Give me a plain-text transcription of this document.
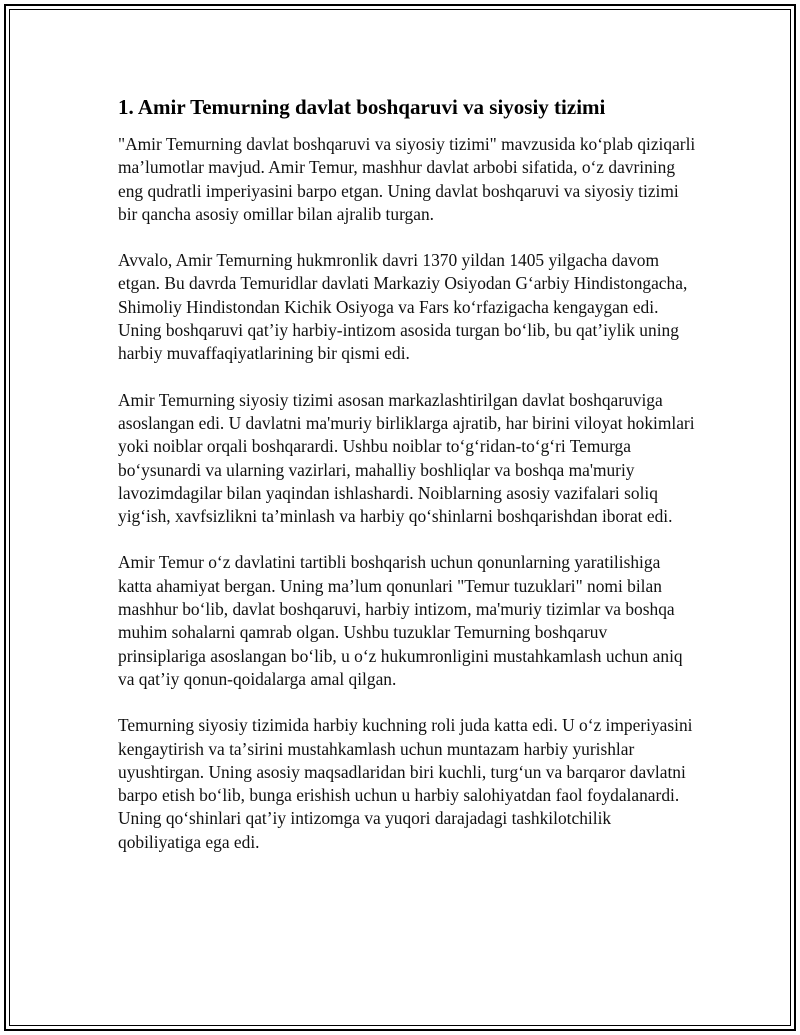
1. Amir Temurning davlat boshqaruvi va siyosiy tizimi

"Amir Temurning davlat boshqaruvi va siyosiy tizimi" mavzusida koʻplab qiziqarli maʼlumotlar mavjud. Amir Temur, mashhur davlat arbobi sifatida, oʻz davrining eng qudratli imperiyasini barpo etgan. Uning davlat boshqaruvi va siyosiy tizimi bir qancha asosiy omillar bilan ajralib turgan.

Avvalo, Amir Temurning hukmronlik davri 1370 yildan 1405 yilgacha davom etgan. Bu davrda Temuridlar davlati Markaziy Osiyodan Gʻarbiy Hindistongacha, Shimoliy Hindistondan Kichik Osiyoga va Fars koʻrfazigacha kengaygan edi. Uning boshqaruvi qatʼiy harbiy-intizom asosida turgan boʻlib, bu qatʼiylik uning harbiy muvaffaqiyatlarining bir qismi edi.

Amir Temurning siyosiy tizimi asosan markazlashtirilgan davlat boshqaruviga asoslangan edi. U davlatni ma'muriy birliklarga ajratib, har birini viloyat hokimlari yoki noiblar orqali boshqarardi. Ushbu noiblar toʻgʻridan-toʻgʻri Temurga boʻysunardi va ularning vazirlari, mahalliy boshliqlar va boshqa ma'muriy lavozimdagilar bilan yaqindan ishlashardi. Noiblarning asosiy vazifalari soliq yigʻish, xavfsizlikni taʼminlash va harbiy qoʻshinlarni boshqarishdan iborat edi.

Amir Temur oʻz davlatini tartibli boshqarish uchun qonunlarning yaratilishiga katta ahamiyat bergan. Uning maʼlum qonunlari "Temur tuzuklari" nomi bilan mashhur boʻlib, davlat boshqaruvi, harbiy intizom, ma'muriy tizimlar va boshqa muhim sohalarni qamrab olgan. Ushbu tuzuklar Temurning boshqaruv prinsiplariga asoslangan boʻlib, u oʻz hukumronligini mustahkamlash uchun aniq va qatʼiy qonun-qoidalarga amal qilgan.

Temurning siyosiy tizimida harbiy kuchning roli juda katta edi. U oʻz imperiyasini kengaytirish va taʼsirini mustahkamlash uchun muntazam harbiy yurishlar uyushtirgan. Uning asosiy maqsadlaridan biri kuchli, turgʻun va barqaror davlatni barpo etish boʻlib, bunga erishish uchun u harbiy salohiyatdan faol foydalanardi. Uning qoʻshinlari qatʼiy intizomga va yuqori darajadagi tashkilotchilik qobiliyatiga ega edi.
